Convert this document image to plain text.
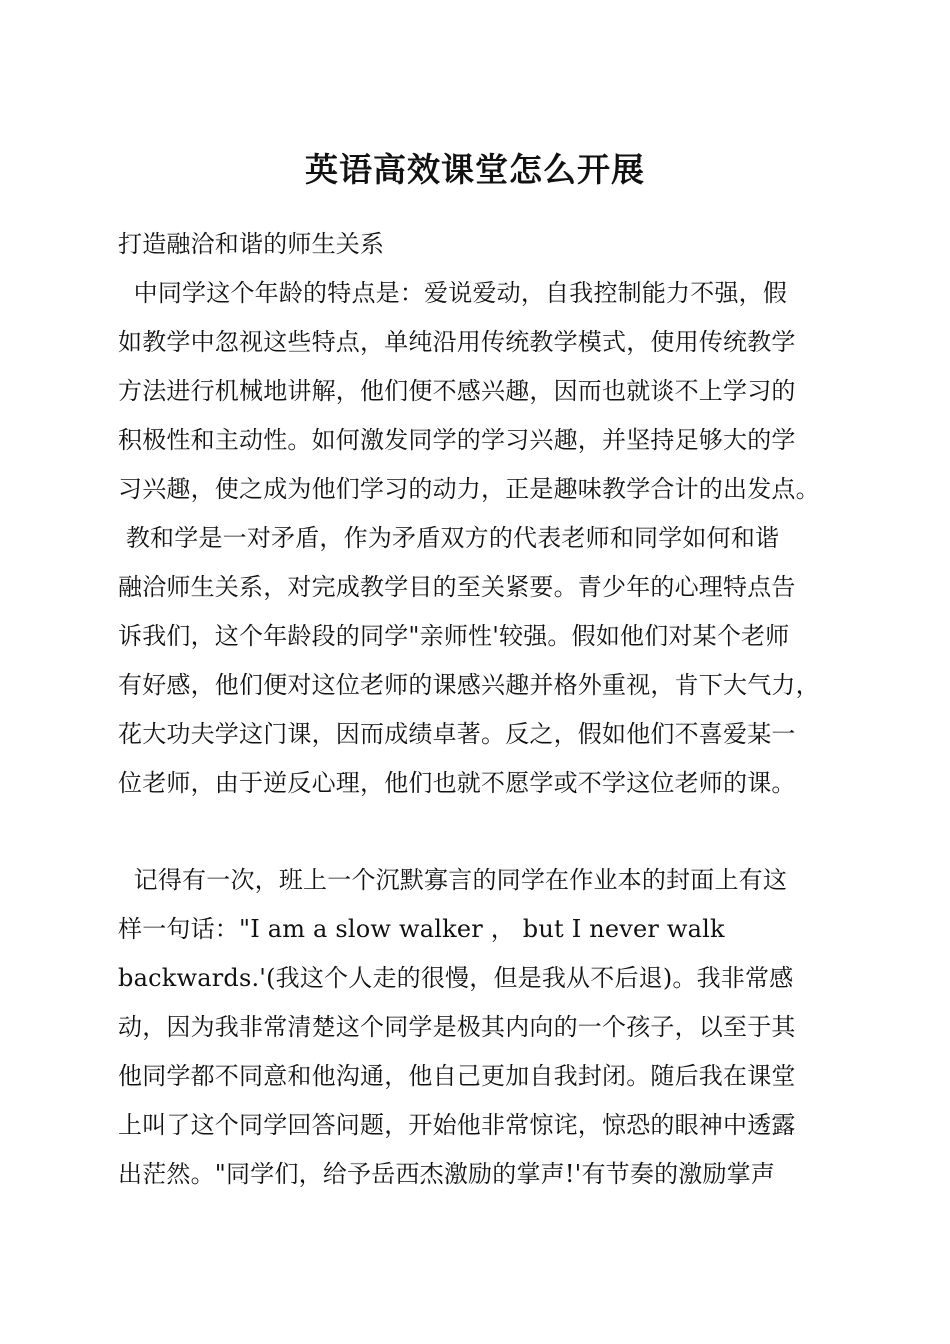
英语高效课堂怎么开展
打造融洽和谐的师生关系
中同学这个年龄的特点是：爱说爱动，自我控制能力不强，假
如教学中忽视这些特点，单纯沿用传统教学模式，使用传统教学
方法进行机械地讲解，他们便不感兴趣，因而也就谈不上学习的
积极性和主动性。如何激发同学的学习兴趣，并坚持足够大的学
习兴趣，使之成为他们学习的动力，正是趣味教学合计的出发点。
教和学是一对矛盾，作为矛盾双方的代表老师和同学如何和谐
融洽师生关系，对完成教学目的至关紧要。青少年的心理特点告
诉我们，这个年龄段的同学"亲师性'较强。假如他们对某个老师
有好感，他们便对这位老师的课感兴趣并格外重视，肯下大气力，
花大功夫学这门课，因而成绩卓著。反之，假如他们不喜爱某一
位老师，由于逆反心理，他们也就不愿学或不学这位老师的课。
记得有一次，班上一个沉默寡言的同学在作业本的封面上有这
样一句话："I am a slow walker ， but I never walk
backwards.'(我这个人走的很慢，但是我从不后退)。我非常感
动，因为我非常清楚这个同学是极其内向的一个孩子，以至于其
他同学都不同意和他沟通，他自己更加自我封闭。随后我在课堂
上叫了这个同学回答问题，开始他非常惊诧，惊恐的眼神中透露
出茫然。"同学们，给予岳西杰激励的掌声!'有节奏的激励掌声
